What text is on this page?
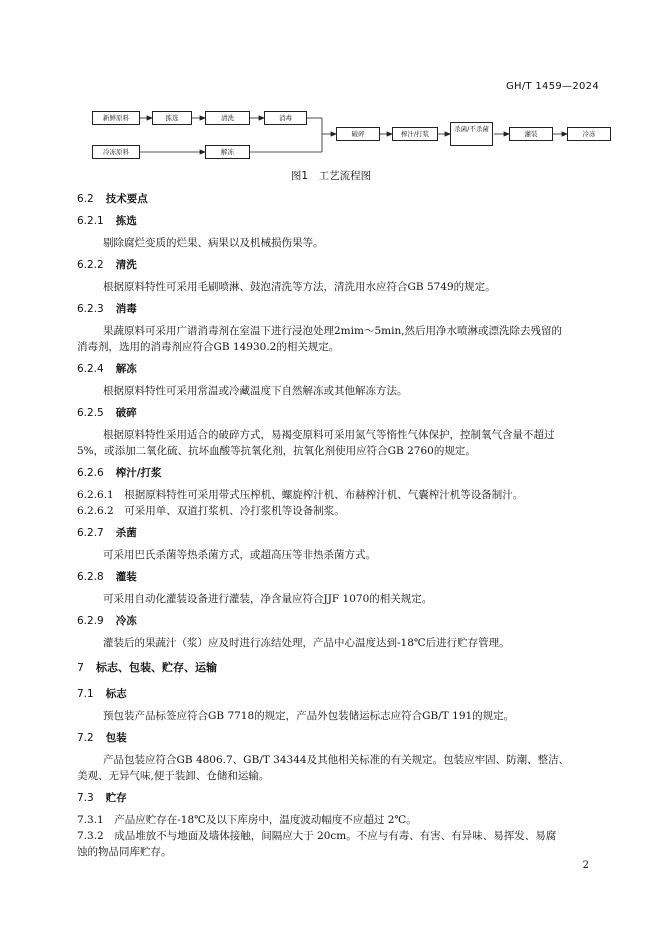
GH/T 1459—2024
新鲜原料	拣选	清洗	消毒
冷冻原料	解冻
破碎	榨汁/打浆
杀菌/不杀菌
灌装	冷冻
图1　工艺流程图
6.2 技术要点
6.2.1 拣选
剔除腐烂变质的烂果、病果以及机械损伤果等。
6.2.2 清洗
根据原料特性可采用毛刷喷淋、鼓泡清洗等方法，清洗用水应符合GB 5749的规定。
6.2.3 消毒
果蔬原料可采用广谱消毒剂在室温下进行浸泡处理2mim～5min,然后用净水喷淋或漂洗除去残留的
消毒剂，选用的消毒剂应符合GB 14930.2的相关规定。
6.2.4 解冻
根据原料特性可采用常温或冷藏温度下自然解冻或其他解冻方法。
6.2.5 破碎
根据原料特性采用适合的破碎方式，易褐变原料可采用氮气等惰性气体保护，控制氧气含量不超过
5%，或添加二氧化硫、抗坏血酸等抗氧化剂，抗氧化剂使用应符合GB 2760的规定。
6.2.6 榨汁/打浆
6.2.6.1　根据原料特性可采用带式压榨机、螺旋榨汁机、布赫榨汁机、气囊榨汁机等设备制汁。
6.2.6.2　可采用单、双道打浆机、冷打浆机等设备制浆。
6.2.7 杀菌
可采用巴氏杀菌等热杀菌方式，或超高压等非热杀菌方式。
6.2.8 灌装
可采用自动化灌装设备进行灌装，净含量应符合JJF 1070的相关规定。
6.2.9 冷冻
灌装后的果蔬汁（浆）应及时进行冻结处理，产品中心温度达到-18℃后进行贮存管理。
7 标志、包装、贮存、运输
7.1 标志
预包装产品标签应符合GB 7718的规定，产品外包装储运标志应符合GB/T 191的规定。
7.2 包装
产品包装应符合GB 4806.7、GB/T 34344及其他相关标准的有关规定。包装应牢固、防潮、整洁、
美观、无异气味,便于装卸、仓储和运输。
7.3 贮存
7.3.1　产品应贮存在-18℃及以下库房中，温度波动幅度不应超过 2℃。
7.3.2　成品堆放不与地面及墙体接触，间隔应大于 20cm。不应与有毒、有害、有异味、易挥发、易腐
蚀的物品同库贮存。
2
